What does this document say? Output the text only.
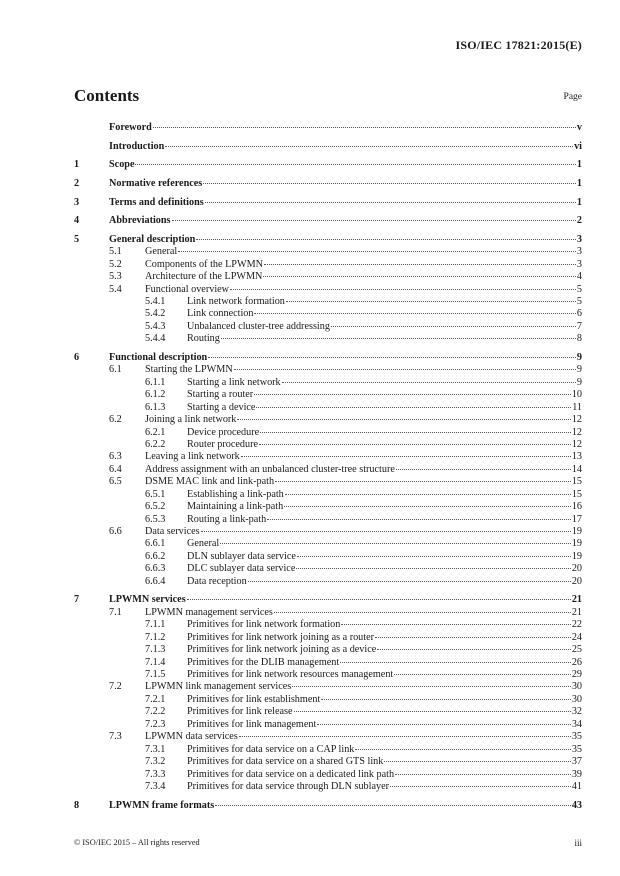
ISO/IEC 17821:2015(E)
Contents	Page
Foreword	v
Introduction	vi
1	Scope	1
2	Normative references	1
3	Terms and definitions	1
4	Abbreviations	2
5	General description	3
5.1 General	3
5.2 Components of the LPWMN	3
5.3 Architecture of the LPWMN	4
5.4 Functional overview	5
5.4.1 Link network formation	5
5.4.2 Link connection	6
5.4.3 Unbalanced cluster-tree addressing	7
5.4.4 Routing	8
6	Functional description	9
6.1 Starting the LPWMN	9
6.1.1 Starting a link network	9
6.1.2 Starting a router	10
6.1.3 Starting a device	11
6.2 Joining a link network	12
6.2.1 Device procedure	12
6.2.2 Router procedure	12
6.3 Leaving a link network	13
6.4 Address assignment with an unbalanced cluster-tree structure	14
6.5 DSME MAC link and link-path	15
6.5.1 Establishing a link-path	15
6.5.2 Maintaining a link-path	16
6.5.3 Routing a link-path	17
6.6 Data services	19
6.6.1 General	19
6.6.2 DLN sublayer data service	19
6.6.3 DLC sublayer data service	20
6.6.4 Data reception	20
7	LPWMN services	21
7.1 LPWMN management services	21
7.1.1 Primitives for link network formation	22
7.1.2 Primitives for link network joining as a router	24
7.1.3 Primitives for link network joining as a device	25
7.1.4 Primitives for the DLIB management	26
7.1.5 Primitives for link network resources management	29
7.2 LPWMN link management services	30
7.2.1 Primitives for link establishment	30
7.2.2 Primitives for link release	32
7.2.3 Primitives for link management	34
7.3 LPWMN data services	35
7.3.1 Primitives for data service on a CAP link	35
7.3.2 Primitives for data service on a shared GTS link	37
7.3.3 Primitives for data service on a dedicated link path	39
7.3.4 Primitives for data service through DLN sublayer	41
8	LPWMN frame formats	43
© ISO/IEC 2015 – All rights reserved	iii
